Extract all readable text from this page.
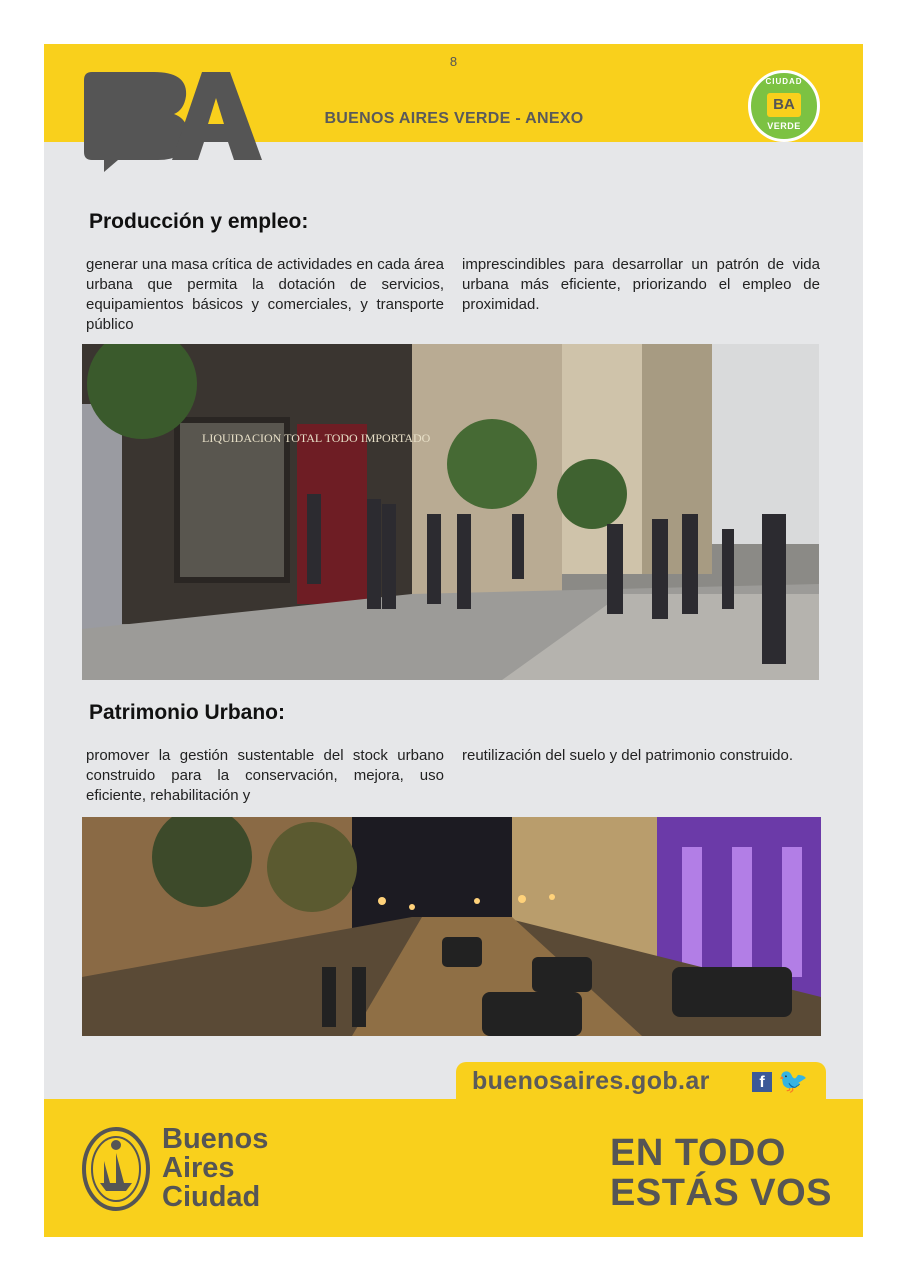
8
BUENOS AIRES VERDE - ANEXO
CIUDAD
BA
VERDE
Producción y empleo:

generar una masa crítica de actividades en cada área urbana que permita la dotación de servicios, equipamientos básicos y comerciales, y transporte público

imprescindibles para desarrollar un patrón de vida urbana más eficiente, priorizando el empleo de proximidad.

LIQUIDACION TOTAL TODO IMPORTADO
Patrimonio Urbano:

promover la gestión sustentable del stock urbano construido para la conservación, mejora, uso eficiente, rehabilitación y

reutilización del suelo y del patrimonio construido.

buenosaires.gob.ar	f 🐦
Buenos
Aires
Ciudad
EN TODO
ESTÁS VOS
